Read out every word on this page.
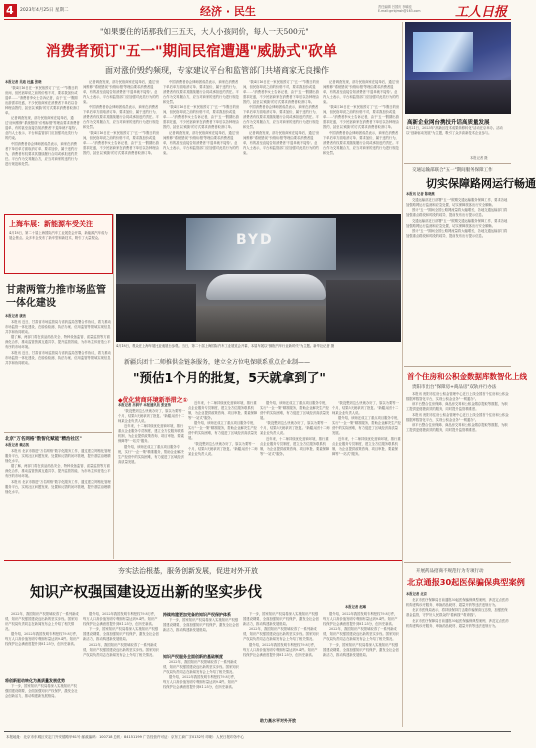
4 2023年4月25日 星期二	经济 · 民生	责任编辑 吕国庆 李喻佳
E-mail:grrbjmsh@163.com	工人日报
"如果要住的话那我们三五天，大人小孩同价，每人一天500元"
消费者预订"五一"期间民宿遭遇"威胁式"砍单
面对涨价毁约频现，专家建议平台和监管部门共堵商家无良操作
本报记者 吴迪 杜鑫 张晓

"我4月16日在一家民宿预订了"五一"节假日的房间，但民宿却说之前的价格不对，要求我加价或退单……"消费者李女士告诉记者，由于'五一'假期出游需求旺盛，不少民宿商家在消费者下单后以各种理由毁约，甚至以'威胁'的方式要求消费者取消订单。

记者调查发现，部分民宿商家在接单后，通过'房间维修''系统错误''价格标错'等理由要求消费者退单，有的甚至直接告知消费者'不退单就不接待'。业内人士表示，平台和监管部门应加强对此类行为的约束。

中国消费者协会律师团成员表示，商家在消费者下单后单方面取消订单、要求加价，属于违约行为，消费者有权要求其继续履行合同或承担违约责任。平台作为交易撮合方，应当对商家的违约行为进行规范和处罚。

记者调查发现，部分民宿商家在接单后，通过'房间维修''系统错误''价格标错'等理由要求消费者退单，有的甚至直接告知消费者'不退单就不接待'。业内人士表示，平台和监管部门应加强对此类行为的约束。

中国消费者协会律师团成员表示，商家在消费者下单后单方面取消订单、要求加价，属于违约行为，消费者有权要求其继续履行合同或承担违约责任。平台作为交易撮合方，应当对商家的违约行为进行规范和处罚。

"我4月16日在一家民宿预订了"五一"节假日的房间，但民宿却说之前的价格不对，要求我加价或退单……"消费者李女士告诉记者，由于'五一'假期出游需求旺盛，不少民宿商家在消费者下单后以各种理由毁约，甚至以'威胁'的方式要求消费者取消订单。

中国消费者协会律师团成员表示，商家在消费者下单后单方面取消订单、要求加价，属于违约行为，消费者有权要求其继续履行合同或承担违约责任。平台作为交易撮合方，应当对商家的违约行为进行规范和处罚。

"我4月16日在一家民宿预订了"五一"节假日的房间，但民宿却说之前的价格不对，要求我加价或退单……"消费者李女士告诉记者，由于'五一'假期出游需求旺盛，不少民宿商家在消费者下单后以各种理由毁约，甚至以'威胁'的方式要求消费者取消订单。

记者调查发现，部分民宿商家在接单后，通过'房间维修''系统错误''价格标错'等理由要求消费者退单，有的甚至直接告知消费者'不退单就不接待'。业内人士表示，平台和监管部门应加强对此类行为的约束。

"我4月16日在一家民宿预订了"五一"节假日的房间，但民宿却说之前的价格不对，要求我加价或退单……"消费者李女士告诉记者，由于'五一'假期出游需求旺盛，不少民宿商家在消费者下单后以各种理由毁约，甚至以'威胁'的方式要求消费者取消订单。

中国消费者协会律师团成员表示，商家在消费者下单后单方面取消订单、要求加价，属于违约行为，消费者有权要求其继续履行合同或承担违约责任。平台作为交易撮合方，应当对商家的违约行为进行规范和处罚。

记者调查发现，部分民宿商家在接单后，通过'房间维修''系统错误''价格标错'等理由要求消费者退单，有的甚至直接告知消费者'不退单就不接待'。业内人士表示，平台和监管部门应加强对此类行为的约束。

记者调查发现，部分民宿商家在接单后，通过'房间维修''系统错误''价格标错'等理由要求消费者退单，有的甚至直接告知消费者'不退单就不接待'。业内人士表示，平台和监管部门应加强对此类行为的约束。

"我4月16日在一家民宿预订了"五一"节假日的房间，但民宿却说之前的价格不对，要求我加价或退单……"消费者李女士告诉记者，由于'五一'假期出游需求旺盛，不少民宿商家在消费者下单后以各种理由毁约，甚至以'威胁'的方式要求消费者取消订单。

中国消费者协会律师团成员表示，商家在消费者下单后单方面取消订单、要求加价，属于违约行为，消费者有权要求其继续履行合同或承担违约责任。平台作为交易撮合方，应当对商家的违约行为进行规范和处罚。

上海车展：新能源车受关注
4月18日，第二十届上海国际汽车工业展览会开幕，新能源汽车成为展会焦点。众多车企发布了新车型和新技术，吸引了大量观众。
甘肃两管力推市场监管一体化建设
本报记者 康劲

本报讯 近日，甘肃省市场监管局与省药监局签署合作协议，着力推动市场监管一体化建设，在检验检测、执法办案、信用监管等领域实现信息共享和协同联动。

据了解，两部门将在食品药品安全、特种设备监管、质量监管等方面深化合作，推动监管资源互通共享，提升监管效能，为市场主体营造公平有序的市场环境。

本报讯 近日，甘肃省市场监管局与省药监局签署合作协议，着力推动市场监管一体化建设，在检验检测、执法办案、信用监管等领域实现信息共享和协同联动。

北京"万名网格"数智化赋能"精治社区"
本报记者 赖志凯

本报讯 北京市推进"万名网格"数字化服务工作，通过建立网格化管理服务平台，实现社区问题发现、处置和反馈的闭环管理，提升基层治理精细化水平。

据了解，两部门将在食品药品安全、特种设备监管、质量监管等方面深化合作，推动监管资源互通共享，提升监管效能，为市场主体营造公平有序的市场环境。

本报讯 北京市推进"万名网格"数字化服务工作，通过建立网格化管理服务平台，实现社区问题发现、处置和反馈的闭环管理，提升基层治理精细化水平。

BYD
4月18日，观众在上海车展比亚迪展台参观。当日，第二十届上海国际汽车工业展览会开幕，本届车展以"拥抱汽车行业新时代"为主题。新华社记者 摄
新疆兵团十二师推供金链条服务，建立全方位电保联系重点企业制——
"预估1个月的批复，5天就拿到了"
◆优化营商环境新举措之①
本报记者 吕润平 本报通讯员 张亚伟

"我没想到这么快就办好了，原以为要等一个月，结果5天就拿到了批复。"新疆兵团十二师某企业负责人说。

近年来，十二师持续优化营商环境，推行重点企业服务专员制度，建立全方位服务联系机制，为企业提供政策咨询、项目审批、要素保障等"一站式"服务。

据介绍，该师还成立了重点项目服务专班，实行"一企一策"精准服务，帮助企业解决生产经营中的实际困难，有力促进了区域经济高质量发展。

近年来，十二师持续优化营商环境，推行重点企业服务专员制度，建立全方位服务联系机制，为企业提供政策咨询、项目审批、要素保障等"一站式"服务。

据介绍，该师还成立了重点项目服务专班，实行"一企一策"精准服务，帮助企业解决生产经营中的实际困难，有力促进了区域经济高质量发展。

"我没想到这么快就办好了，原以为要等一个月，结果5天就拿到了批复。"新疆兵团十二师某企业负责人说。

据介绍，该师还成立了重点项目服务专班，实行"一企一策"精准服务，帮助企业解决生产经营中的实际困难，有力促进了区域经济高质量发展。

"我没想到这么快就办好了，原以为要等一个月，结果5天就拿到了批复。"新疆兵团十二师某企业负责人说。

近年来，十二师持续优化营商环境，推行重点企业服务专员制度，建立全方位服务联系机制，为企业提供政策咨询、项目审批、要素保障等"一站式"服务。

"我没想到这么快就办好了，原以为要等一个月，结果5天就拿到了批复。"新疆兵团十二师某企业负责人说。

据介绍，该师还成立了重点项目服务专班，实行"一企一策"精准服务，帮助企业解决生产经营中的实际困难，有力促进了区域经济高质量发展。

近年来，十二师持续优化营商环境，推行重点企业服务专员制度，建立全方位服务联系机制，为企业提供政策咨询、项目审批、要素保障等"一站式"服务。

夯实法治根基，服务创新发展，促进对外开放
知识产权强国建设迈出新的坚实步伐
本报记者 赵琳

2022年，我国知识产权领域取得了一系列新成绩，知识产权强国建设迈出新的坚实步伐。国家知识产权局负责同志在新闻发布会上介绍了相关情况。

据介绍，2022年我国发明专利授权79.8万件，每万人口高价值发明专利拥有量达到9.4件。知识产权保护社会满意度提升到81.25分，创历史新高。

将创新驱动转化为高质量发展优势

下一步，国家知识产权局将深入实施知识产权强国建设纲要，全面加强知识产权保护，激发全社会创新活力，推动构建新发展格局。

据介绍，2022年我国发明专利授权79.8万件，每万人口高价值发明专利拥有量达到9.4件。知识产权保护社会满意度提升到81.25分，创历史新高。

下一步，国家知识产权局将深入实施知识产权强国建设纲要，全面加强知识产权保护，激发全社会创新活力，推动构建新发展格局。

2022年，我国知识产权领域取得了一系列新成绩，知识产权强国建设迈出新的坚实步伐。国家知识产权局负责同志在新闻发布会上介绍了相关情况。

持续构建更加完备的知识产权保护体系

下一步，国家知识产权局将深入实施知识产权强国建设纲要，全面加强知识产权保护，激发全社会创新活力，推动构建新发展格局。

知识产权服务全面创新的基础制度

2022年，我国知识产权领域取得了一系列新成绩，知识产权强国建设迈出新的坚实步伐。国家知识产权局负责同志在新闻发布会上介绍了相关情况。

据介绍，2022年我国发明专利授权79.8万件，每万人口高价值发明专利拥有量达到9.4件。知识产权保护社会满意度提升到81.25分，创历史新高。

下一步，国家知识产权局将深入实施知识产权强国建设纲要，全面加强知识产权保护，激发全社会创新活力，推动构建新发展格局。

2022年，我国知识产权领域取得了一系列新成绩，知识产权强国建设迈出新的坚实步伐。国家知识产权局负责同志在新闻发布会上介绍了相关情况。

据介绍，2022年我国发明专利授权79.8万件，每万人口高价值发明专利拥有量达到9.4件。知识产权保护社会满意度提升到81.25分，创历史新高。

助力高水平对外开放

据介绍，2022年我国发明专利授权79.8万件，每万人口高价值发明专利拥有量达到9.4件。知识产权保护社会满意度提升到81.25分，创历史新高。

2022年，我国知识产权领域取得了一系列新成绩，知识产权强国建设迈出新的坚实步伐。国家知识产权局负责同志在新闻发布会上介绍了相关情况。

下一步，国家知识产权局将深入实施知识产权强国建设纲要，全面加强知识产权保护，激发全社会创新活力，推动构建新发展格局。

高新企业网台携技升话高质量发展
4月21日，2023年"高新区技术成果转移转化"活动在京举办。活动以"创新驱动发展"为主题，吸引了众多高新技术企业参与。
本报记者 摄
交通运输部联合"五一"期间服务保障工作
切实保障路网运行畅通
本报讯 记者 陈晓燕

交通运输部近日部署"五一"假期交通运输服务保障工作，要求各地加强路网运行监测和应急处置，切实保障旅客出行安全顺畅。

预计"五一"期间全国公路网流量将大幅增长，各地交通运输部门将加强重点路段和时段的疏导，提前发布出行提示信息。

交通运输部近日部署"五一"假期交通运输服务保障工作，要求各地加强路网运行监测和应急处置，切实保障旅客出行安全顺畅。

预计"五一"期间全国公路网流量将大幅增长，各地交通运输部门将加强重点路段和时段的疏导，提前发布出行提示信息。

首个住房和公积金数据库数智化上线
贵阳市出台"保障房+商品房"双轨并行办法

本报讯 贵阳市住房公积金管理中心近日上线全国首个住房和公积金数据库数智化平台，实现公积金业务"一网通办"。

该平台整合住房保障、商品房交易和公积金缴存提取等数据，为职工提供更便捷高效的服务，同时提升监管精准度。

本报讯 贵阳市住房公积金管理中心近日上线全国首个住房和公积金数据库数智化平台，实现公积金业务"一网通办"。

该平台整合住房保障、商品房交易和公积金缴存提取等数据，为职工提供更便捷高效的服务，同时提升监管精准度。

开展药品招商不规范行为专项行动
北京通报30起医保骗保典型案例
本报记者 北京

北京市医疗保障局日前通报30起医保骗保典型案例，涉及定点医药机构虚构诊疗服务、串换药品耗材、超量开药等违法违规行为。

北京市医保局表示，将持续保持打击欺诈骗保高压态势，加强医保基金监管，守护好人民群众的"看病钱""救命钱"。

北京市医疗保障局日前通报30起医保骗保典型案例，涉及定点医药机构虚构诊疗服务、串换药品耗材、超量开药等违法违规行为。

本报地址：北京市东城区安定门外安德路甲61号 邮政编码：100718 总机：84151199 广告经营许可证：京东工商广字0132号 印刷：人民日报印务中心
